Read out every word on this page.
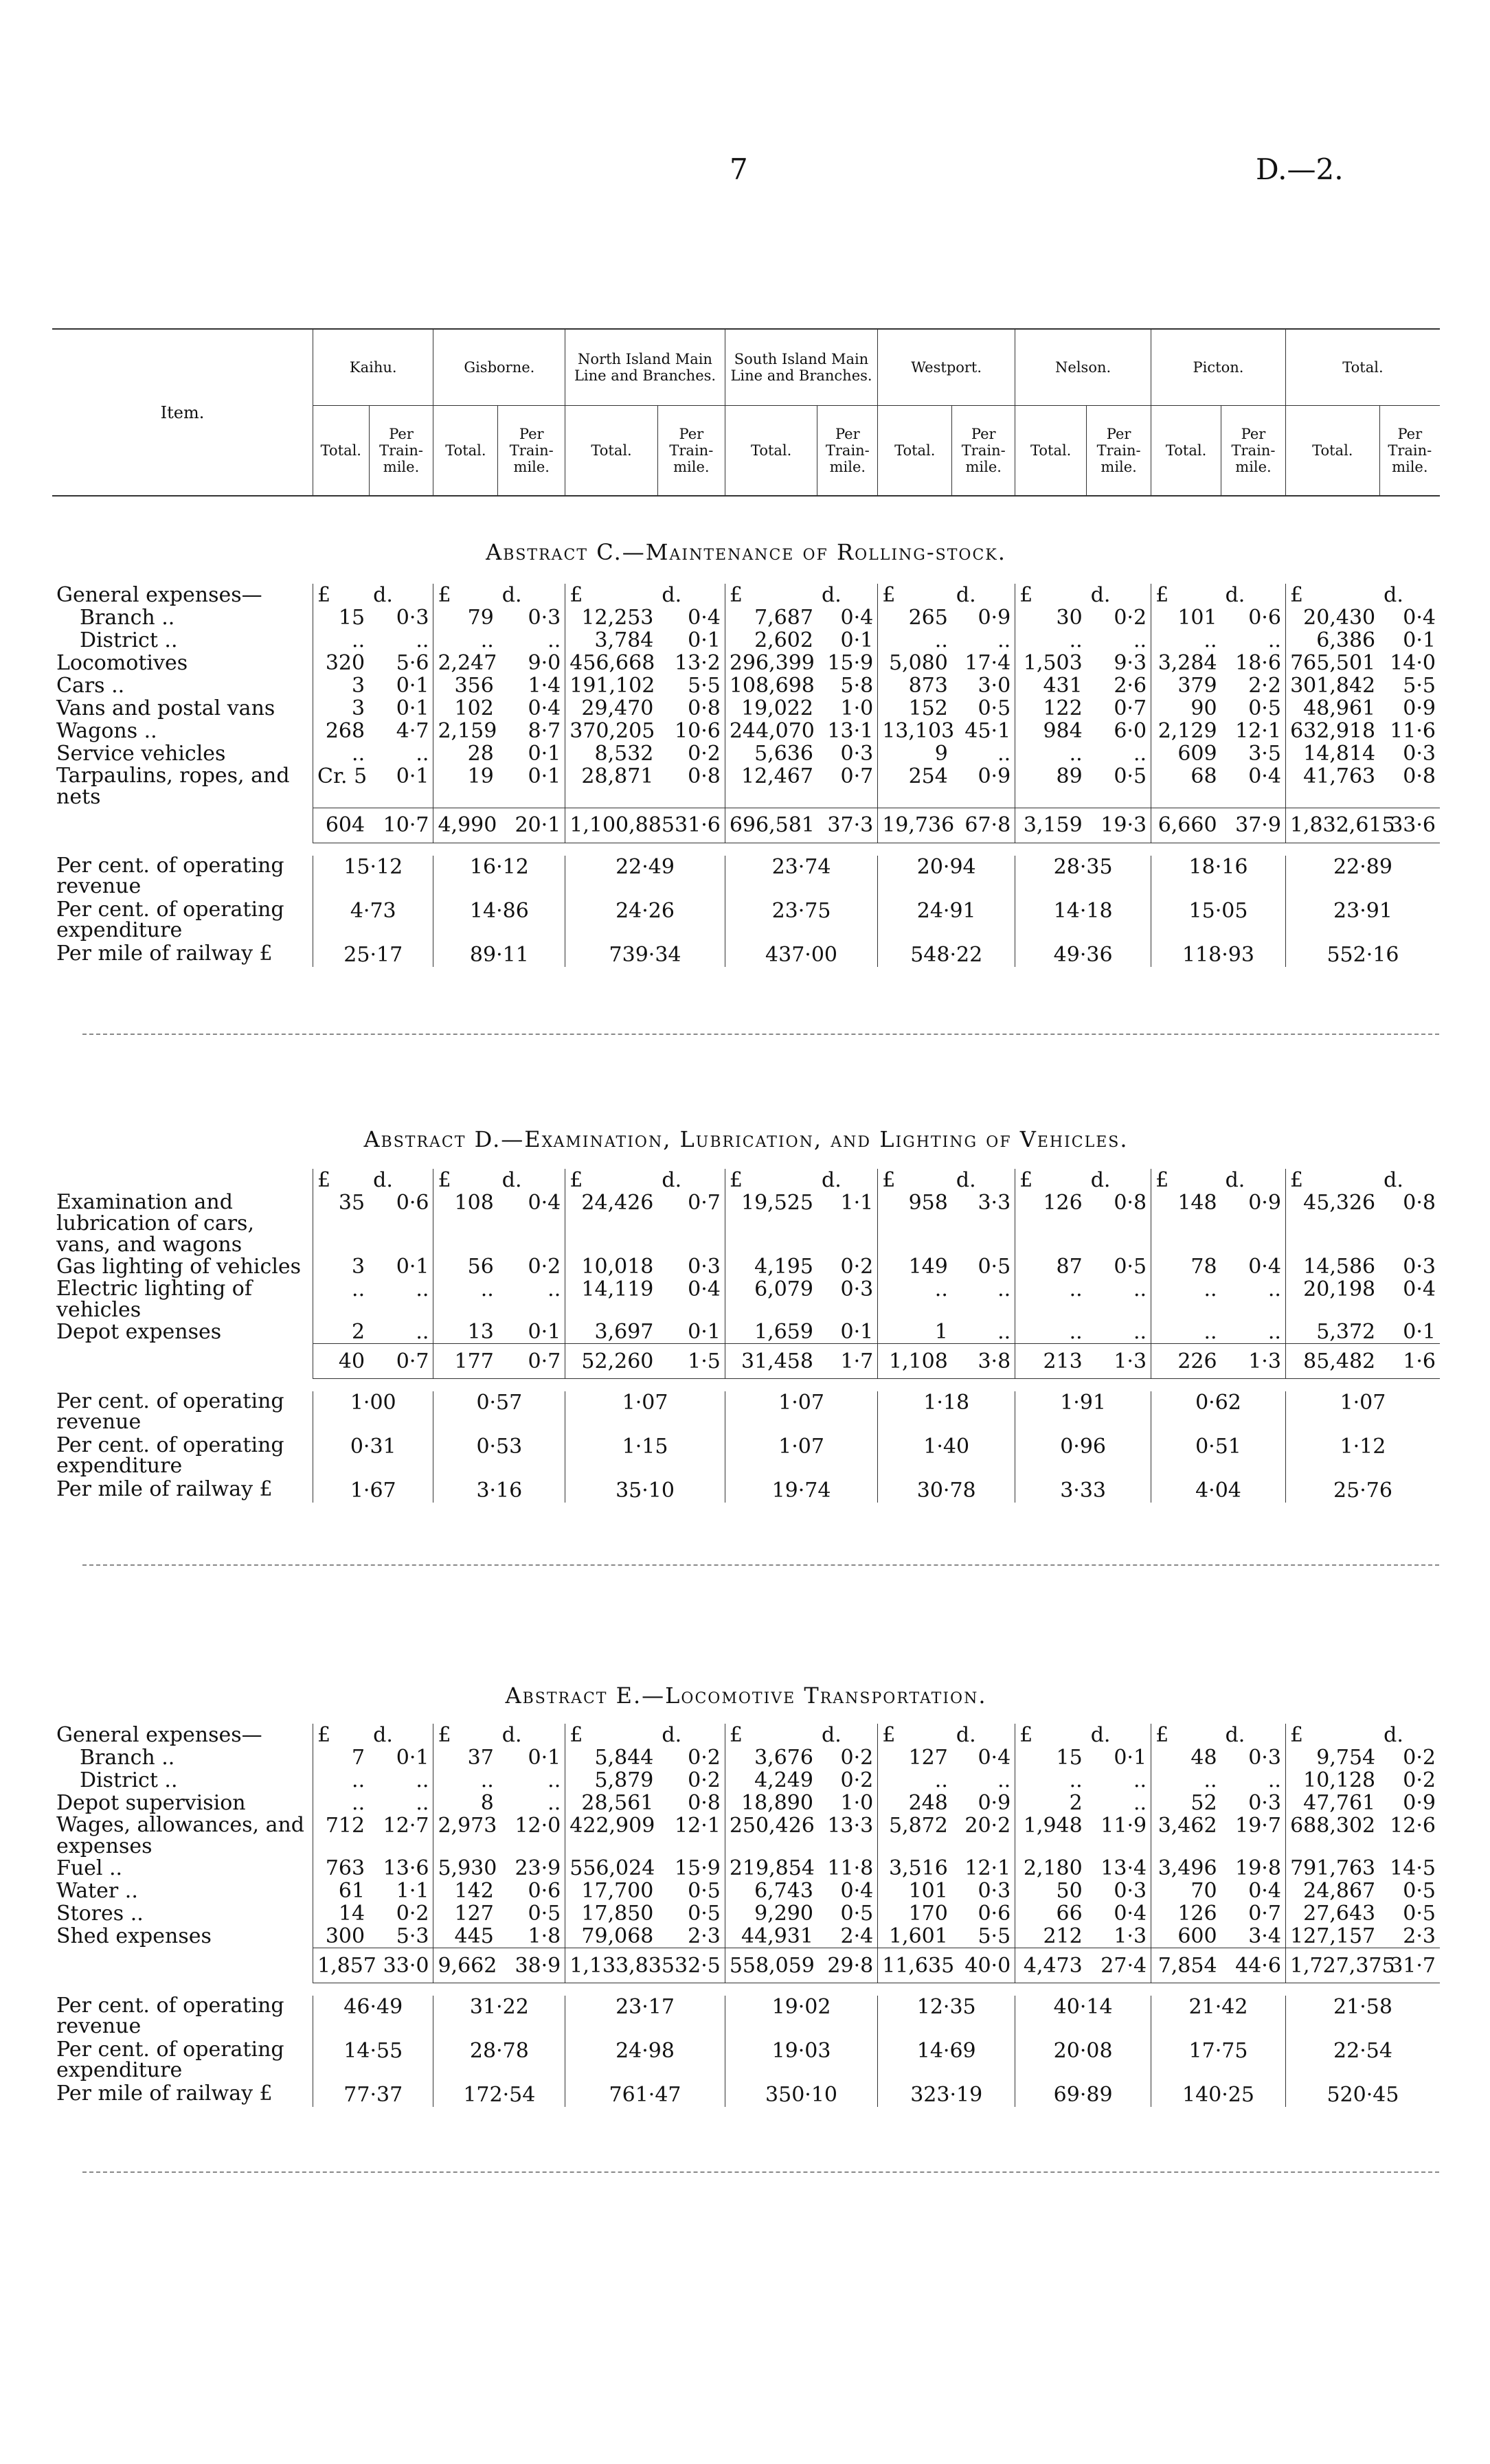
7	D.—2.
Item.	Kaihu.		Gisborne.		North Island Main Line and Branches.		South Island Main Line and Branches.		Westport.		Nelson.		Picton.		Total.	
	Total.	Per Train-mile.	Total.	Per Train-mile.	Total.	Per Train-mile.	Total.	Per Train-mile.	Total.	Per Train-mile.	Total.	Per Train-mile.	Total.	Per Train-mile.	Total.	Per Train-mile.
Abstract C.—Maintenance of Rolling-stock.
General expenses—	£	d.	£	d.	£	d.	£	d.	£	d.	£	d.	£	d.	£	d.
Branch ..	15	0·3	79	0·3	12,253	0·4	7,687	0·4	265	0·9	30	0·2	101	0·6	20,430	0·4
District ..	..	..	..	..	3,784	0·1	2,602	0·1	..	..	..	..	..	..	6,386	0·1
Locomotives	320	5·6	2,247	9·0	456,668	13·2	296,399	15·9	5,080	17·4	1,503	9·3	3,284	18·6	765,501	14·0
Cars ..	3	0·1	356	1·4	191,102	5·5	108,698	5·8	873	3·0	431	2·6	379	2·2	301,842	5·5
Vans and postal vans	3	0·1	102	0·4	29,470	0·8	19,022	1·0	152	0·5	122	0·7	90	0·5	48,961	0·9
Wagons ..	268	4·7	2,159	8·7	370,205	10·6	244,070	13·1	13,103	45·1	984	6·0	2,129	12·1	632,918	11·6
Service vehicles	..	..	28	0·1	8,532	0·2	5,636	0·3	9	..	..	..	609	3·5	14,814	0·3
Tarpaulins, ropes, and nets	Cr. 5	0·1	19	0·1	28,871	0·8	12,467	0·7	254	0·9	89	0·5	68	0·4	41,763	0·8
	604	10·7	4,990	20·1	1,100,885	31·6	696,581	37·3	19,736	67·8	3,159	19·3	6,660	37·9	1,832,615	33·6

Per cent. of operating revenue	15·12		16·12		22·49		23·74		20·94		28·35		18·16		22·89	
Per cent. of operating expenditure	4·73		14·86		24·26		23·75		24·91		14·18		15·05		23·91	
Per mile of railway £	25·17		89·11		739·34		437·00		548·22		49·36		118·93		552·16	
Abstract D.—Examination, Lubrication, and Lighting of Vehicles.
	£	d.	£	d.	£	d.	£	d.	£	d.	£	d.	£	d.	£	d.
Examination and lubrication of cars, vans, and wagons	35	0·6	108	0·4	24,426	0·7	19,525	1·1	958	3·3	126	0·8	148	0·9	45,326	0·8
Gas lighting of vehicles	3	0·1	56	0·2	10,018	0·3	4,195	0·2	149	0·5	87	0·5	78	0·4	14,586	0·3
Electric lighting of vehicles	..	..	..	..	14,119	0·4	6,079	0·3	..	..	..	..	..	..	20,198	0·4
Depot expenses	2	..	13	0·1	3,697	0·1	1,659	0·1	1	..	..	..	..	..	5,372	0·1
	40	0·7	177	0·7	52,260	1·5	31,458	1·7	1,108	3·8	213	1·3	226	1·3	85,482	1·6

Per cent. of operating revenue	1·00		0·57		1·07		1·07		1·18		1·91		0·62		1·07	
Per cent. of operating expenditure	0·31		0·53		1·15		1·07		1·40		0·96		0·51		1·12	
Per mile of railway £	1·67		3·16		35·10		19·74		30·78		3·33		4·04		25·76	
Abstract E.—Locomotive Transportation.
General expenses—	£	d.	£	d.	£	d.	£	d.	£	d.	£	d.	£	d.	£	d.
Branch ..	7	0·1	37	0·1	5,844	0·2	3,676	0·2	127	0·4	15	0·1	48	0·3	9,754	0·2
District ..	..	..	..	..	5,879	0·2	4,249	0·2	..	..	..	..	..	..	10,128	0·2
Depot supervision	..	..	8	..	28,561	0·8	18,890	1·0	248	0·9	2	..	52	0·3	47,761	0·9
Wages, allowances, and expenses	712	12·7	2,973	12·0	422,909	12·1	250,426	13·3	5,872	20·2	1,948	11·9	3,462	19·7	688,302	12·6
Fuel ..	763	13·6	5,930	23·9	556,024	15·9	219,854	11·8	3,516	12·1	2,180	13·4	3,496	19·8	791,763	14·5
Water ..	61	1·1	142	0·6	17,700	0·5	6,743	0·4	101	0·3	50	0·3	70	0·4	24,867	0·5
Stores ..	14	0·2	127	0·5	17,850	0·5	9,290	0·5	170	0·6	66	0·4	126	0·7	27,643	0·5
Shed expenses	300	5·3	445	1·8	79,068	2·3	44,931	2·4	1,601	5·5	212	1·3	600	3·4	127,157	2·3
	1,857	33·0	9,662	38·9	1,133,835	32·5	558,059	29·8	11,635	40·0	4,473	27·4	7,854	44·6	1,727,375	31·7

Per cent. of operating revenue	46·49		31·22		23·17		19·02		12·35		40·14		21·42		21·58	
Per cent. of operating expenditure	14·55		28·78		24·98		19·03		14·69		20·08		17·75		22·54	
Per mile of railway £	77·37		172·54		761·47		350·10		323·19		69·89		140·25		520·45	
